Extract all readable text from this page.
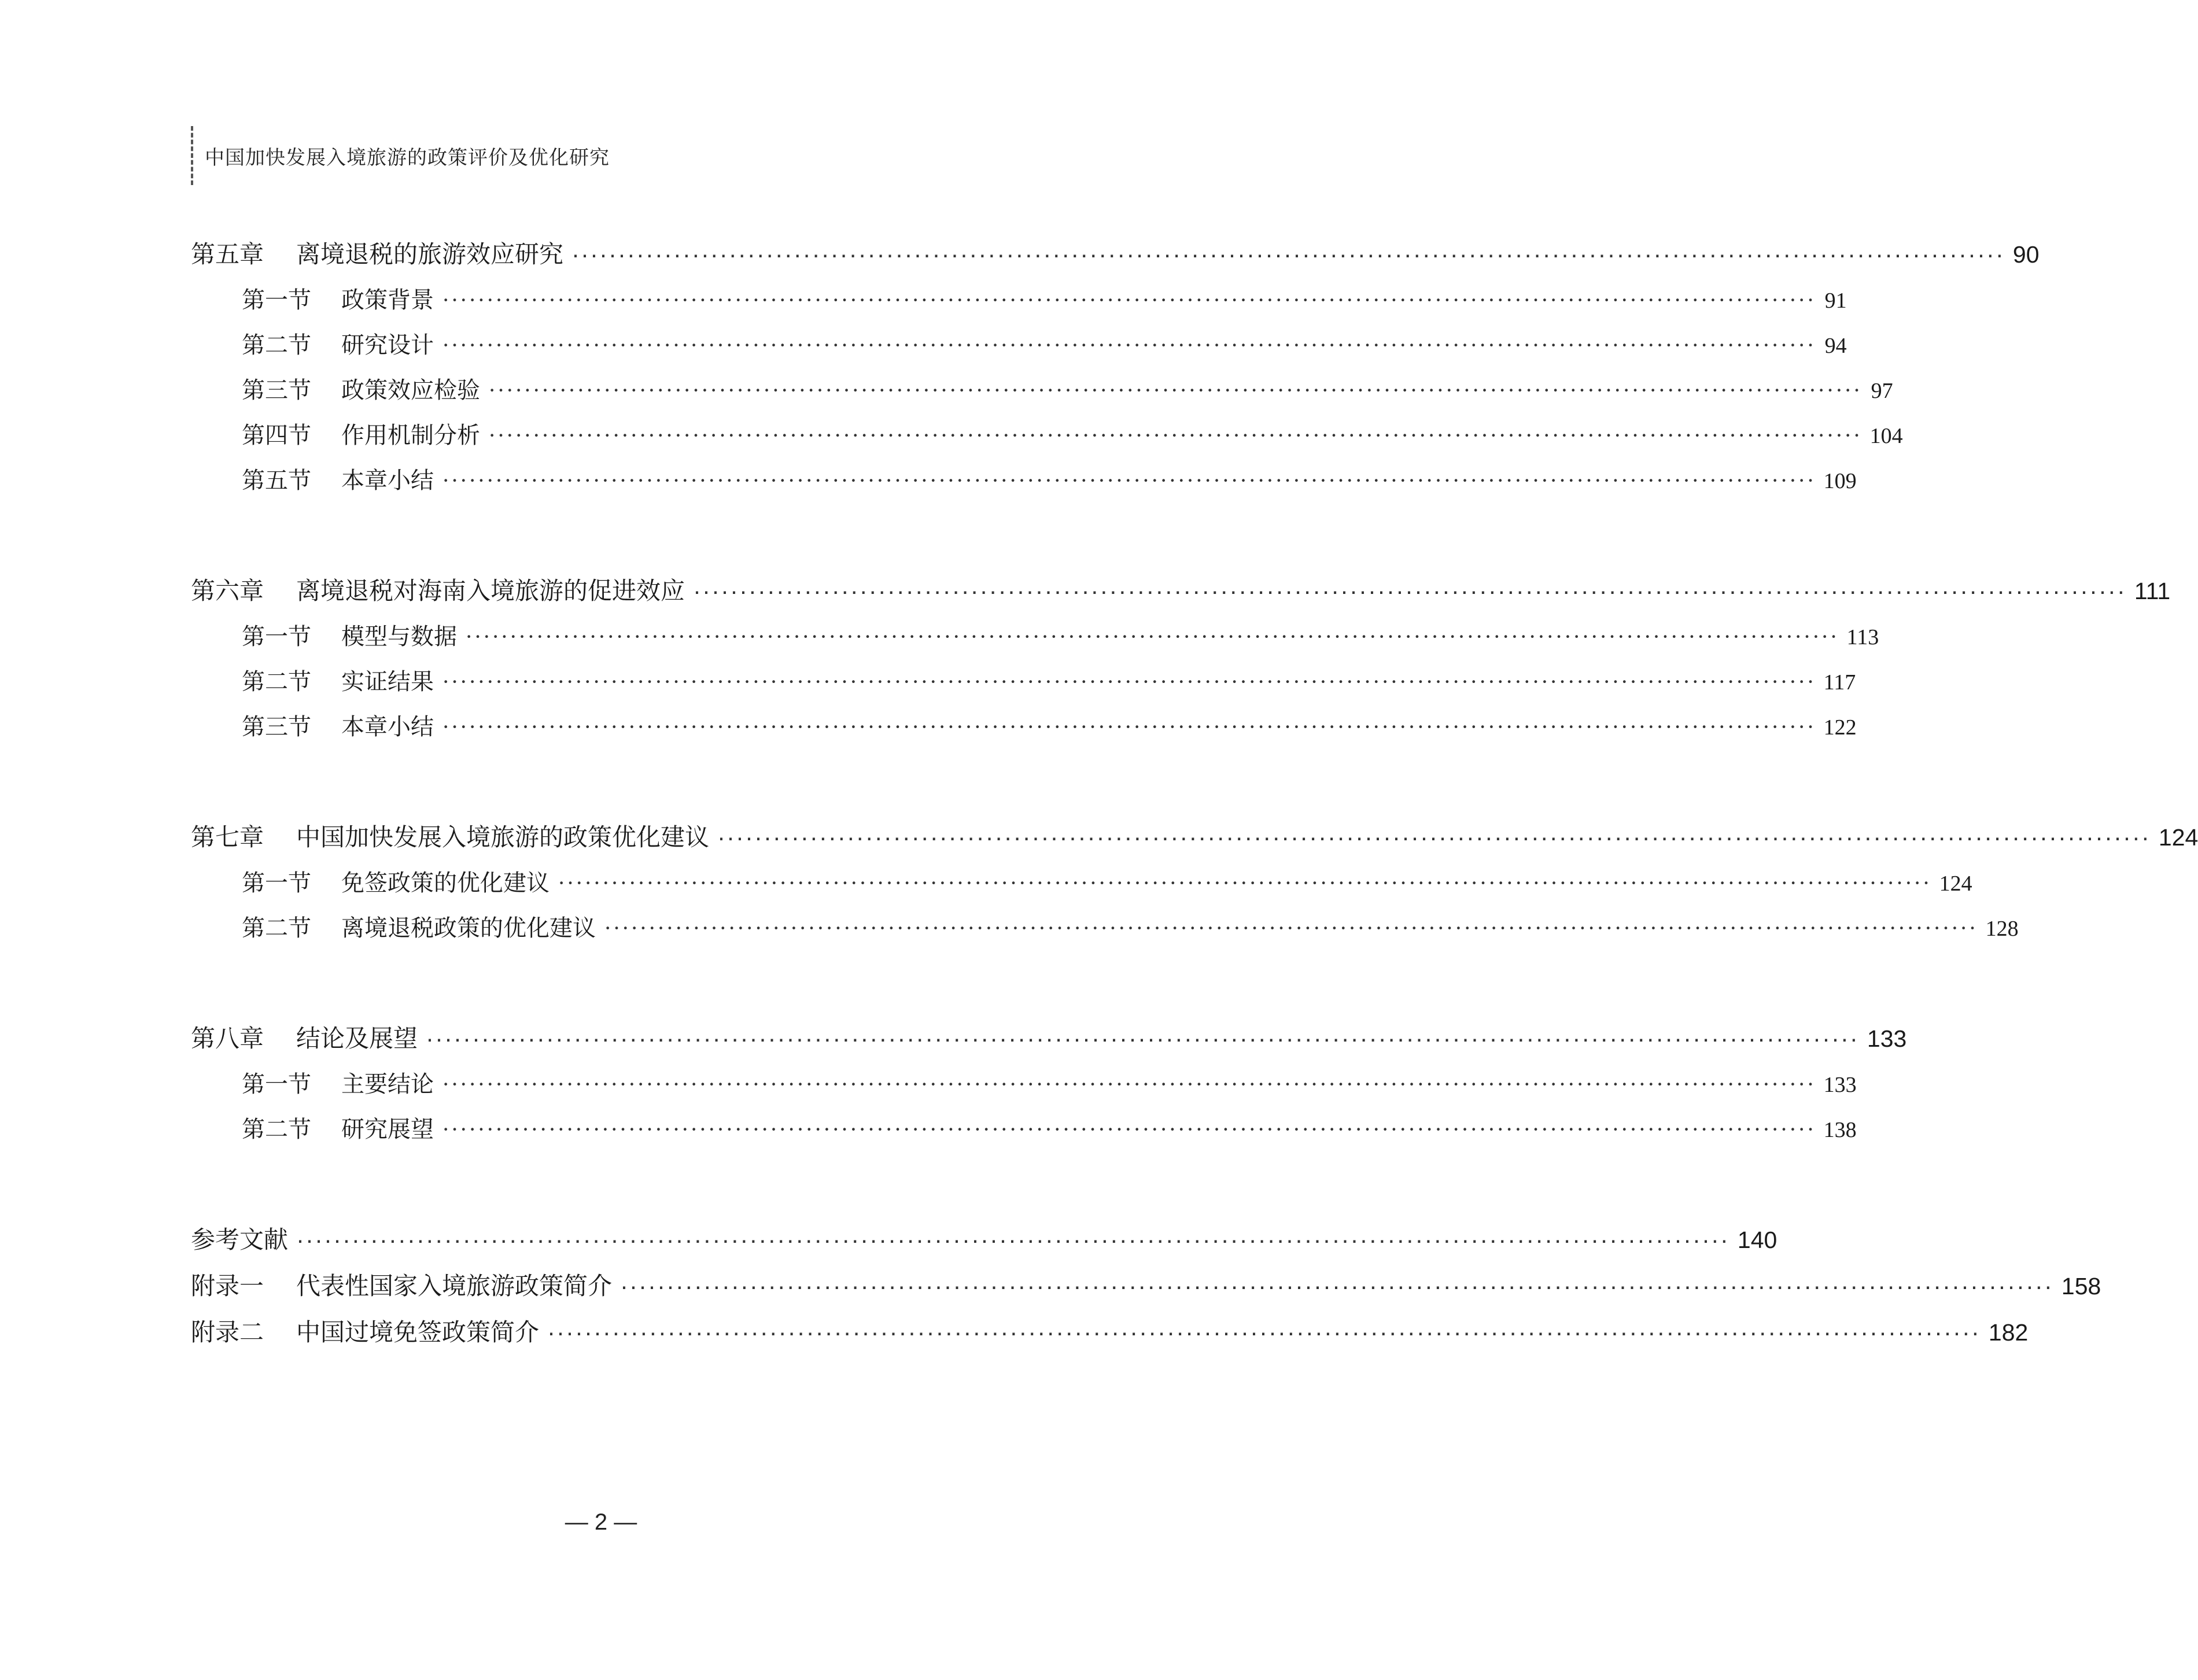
中国加快发展入境旅游的政策评价及优化研究
第五章	离境退税的旅游效应研究 ··························································································································································· 90
第一节	政策背景 ··························································································································································· 91
第二节	研究设计 ··························································································································································· 94
第三节	政策效应检验 ··························································································································································· 97
第四节	作用机制分析 ··························································································································································· 104
第五节	本章小结 ··························································································································································· 109
第六章	离境退税对海南入境旅游的促进效应 ··························································································································································· 111
第一节	模型与数据 ··························································································································································· 113
第二节	实证结果 ··························································································································································· 117
第三节	本章小结 ··························································································································································· 122
第七章	中国加快发展入境旅游的政策优化建议 ··························································································································································· 124
第一节	免签政策的优化建议 ··························································································································································· 124
第二节	离境退税政策的优化建议 ··························································································································································· 128
第八章	结论及展望 ··························································································································································· 133
第一节	主要结论 ··························································································································································· 133
第二节	研究展望 ··························································································································································· 138
参考文献 ··························································································································································· 140
附录一	代表性国家入境旅游政策简介 ··························································································································································· 158
附录二	中国过境免签政策简介 ··························································································································································· 182
— 2 —
